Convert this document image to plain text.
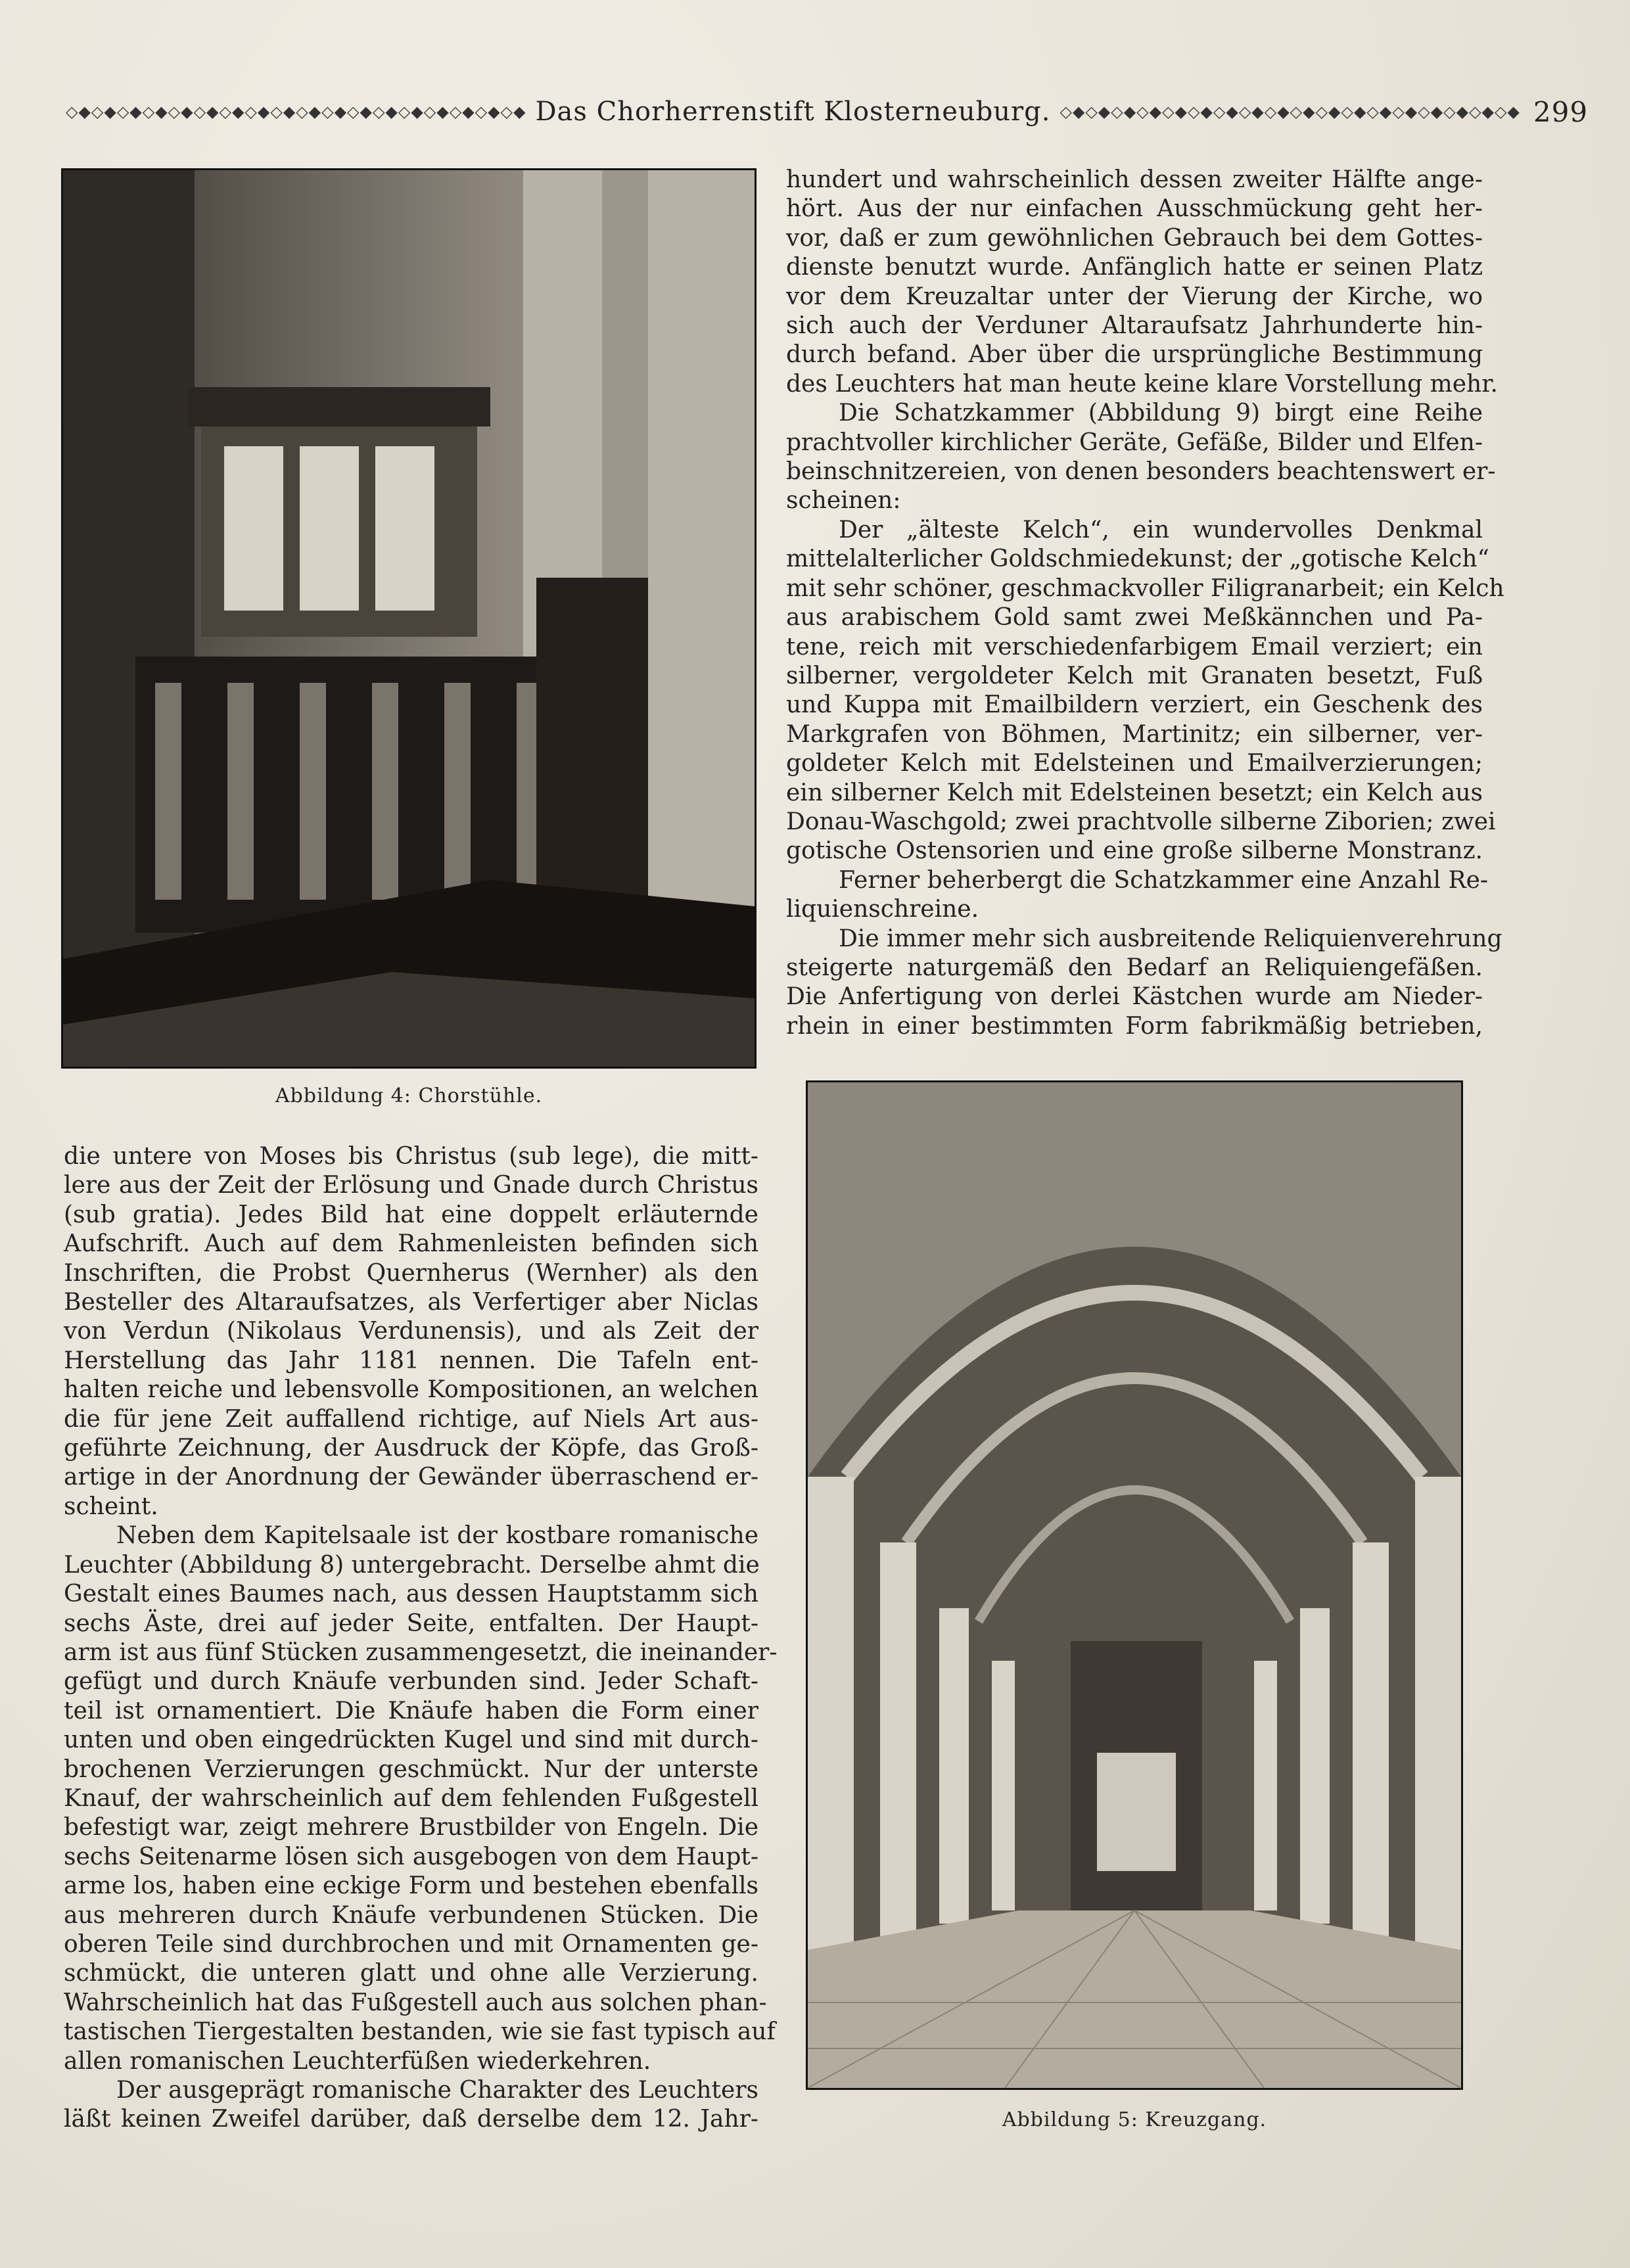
◇◆◇◆◇◆◇◆◇◆◇◆◇◆◇◆◇◆◇◆◇◆◇◆◇◆◇◆◇◆◇◆◇◆◇◆ Das Chorherrenstift Klosterneuburg. ◇◆◇◆◇◆◇◆◇◆◇◆◇◆◇◆◇◆◇◆◇◆◇◆◇◆◇◆◇◆◇◆◇◆◇◆ 299
Abbildung 4: Chorstühle.
Abbildung 5: Kreuzgang.
hundert und wahrscheinlich dessen zweiter Hälfte ange-
hört. Aus der nur einfachen Ausschmückung geht her-
vor, daß er zum gewöhnlichen Gebrauch bei dem Gottes-
dienste benutzt wurde. Anfänglich hatte er seinen Platz
vor dem Kreuzaltar unter der Vierung der Kirche, wo
sich auch der Verduner Altaraufsatz Jahrhunderte hin-
durch befand. Aber über die ursprüngliche Bestimmung
des Leuchters hat man heute keine klare Vorstellung mehr.
Die Schatzkammer (Abbildung 9) birgt eine Reihe
prachtvoller kirchlicher Geräte, Gefäße, Bilder und Elfen-
beinschnitzereien, von denen besonders beachtenswert er-
scheinen:
Der „älteste Kelch“, ein wundervolles Denkmal
mittelalterlicher Goldschmiedekunst; der „gotische Kelch“
mit sehr schöner, geschmackvoller Filigranarbeit; ein Kelch
aus arabischem Gold samt zwei Meßkännchen und Pa-
tene, reich mit verschiedenfarbigem Email verziert; ein
silberner, vergoldeter Kelch mit Granaten besetzt, Fuß
und Kuppa mit Emailbildern verziert, ein Geschenk des
Markgrafen von Böhmen, Martinitz; ein silberner, ver-
goldeter Kelch mit Edelsteinen und Emailverzierungen;
ein silberner Kelch mit Edelsteinen besetzt; ein Kelch aus
Donau-Waschgold; zwei prachtvolle silberne Ziborien; zwei
gotische Ostensorien und eine große silberne Monstranz.
Ferner beherbergt die Schatzkammer eine Anzahl Re-
liquienschreine.
Die immer mehr sich ausbreitende Reliquienverehrung
steigerte naturgemäß den Bedarf an Reliquiengefäßen.
Die Anfertigung von derlei Kästchen wurde am Nieder-
rhein in einer bestimmten Form fabrikmäßig betrieben,
die untere von Moses bis Christus (sub lege), die mitt-
lere aus der Zeit der Erlösung und Gnade durch Christus
(sub gratia). Jedes Bild hat eine doppelt erläuternde
Aufschrift. Auch auf dem Rahmenleisten befinden sich
Inschriften, die Probst Quernherus (Wernher) als den
Besteller des Altaraufsatzes, als Verfertiger aber Niclas
von Verdun (Nikolaus Verdunensis), und als Zeit der
Herstellung das Jahr 1181 nennen. Die Tafeln ent-
halten reiche und lebensvolle Kompositionen, an welchen
die für jene Zeit auffallend richtige, auf Niels Art aus-
geführte Zeichnung, der Ausdruck der Köpfe, das Groß-
artige in der Anordnung der Gewänder überraschend er-
scheint.
Neben dem Kapitelsaale ist der kostbare romanische
Leuchter (Abbildung 8) untergebracht. Derselbe ahmt die
Gestalt eines Baumes nach, aus dessen Hauptstamm sich
sechs Äste, drei auf jeder Seite, entfalten. Der Haupt-
arm ist aus fünf Stücken zusammengesetzt, die ineinander-
gefügt und durch Knäufe verbunden sind. Jeder Schaft-
teil ist ornamentiert. Die Knäufe haben die Form einer
unten und oben eingedrückten Kugel und sind mit durch-
brochenen Verzierungen geschmückt. Nur der unterste
Knauf, der wahrscheinlich auf dem fehlenden Fußgestell
befestigt war, zeigt mehrere Brustbilder von Engeln. Die
sechs Seitenarme lösen sich ausgebogen von dem Haupt-
arme los, haben eine eckige Form und bestehen ebenfalls
aus mehreren durch Knäufe verbundenen Stücken. Die
oberen Teile sind durchbrochen und mit Ornamenten ge-
schmückt, die unteren glatt und ohne alle Verzierung.
Wahrscheinlich hat das Fußgestell auch aus solchen phan-
tastischen Tiergestalten bestanden, wie sie fast typisch auf
allen romanischen Leuchterfüßen wiederkehren.
Der ausgeprägt romanische Charakter des Leuchters
läßt keinen Zweifel darüber, daß derselbe dem 12. Jahr-
